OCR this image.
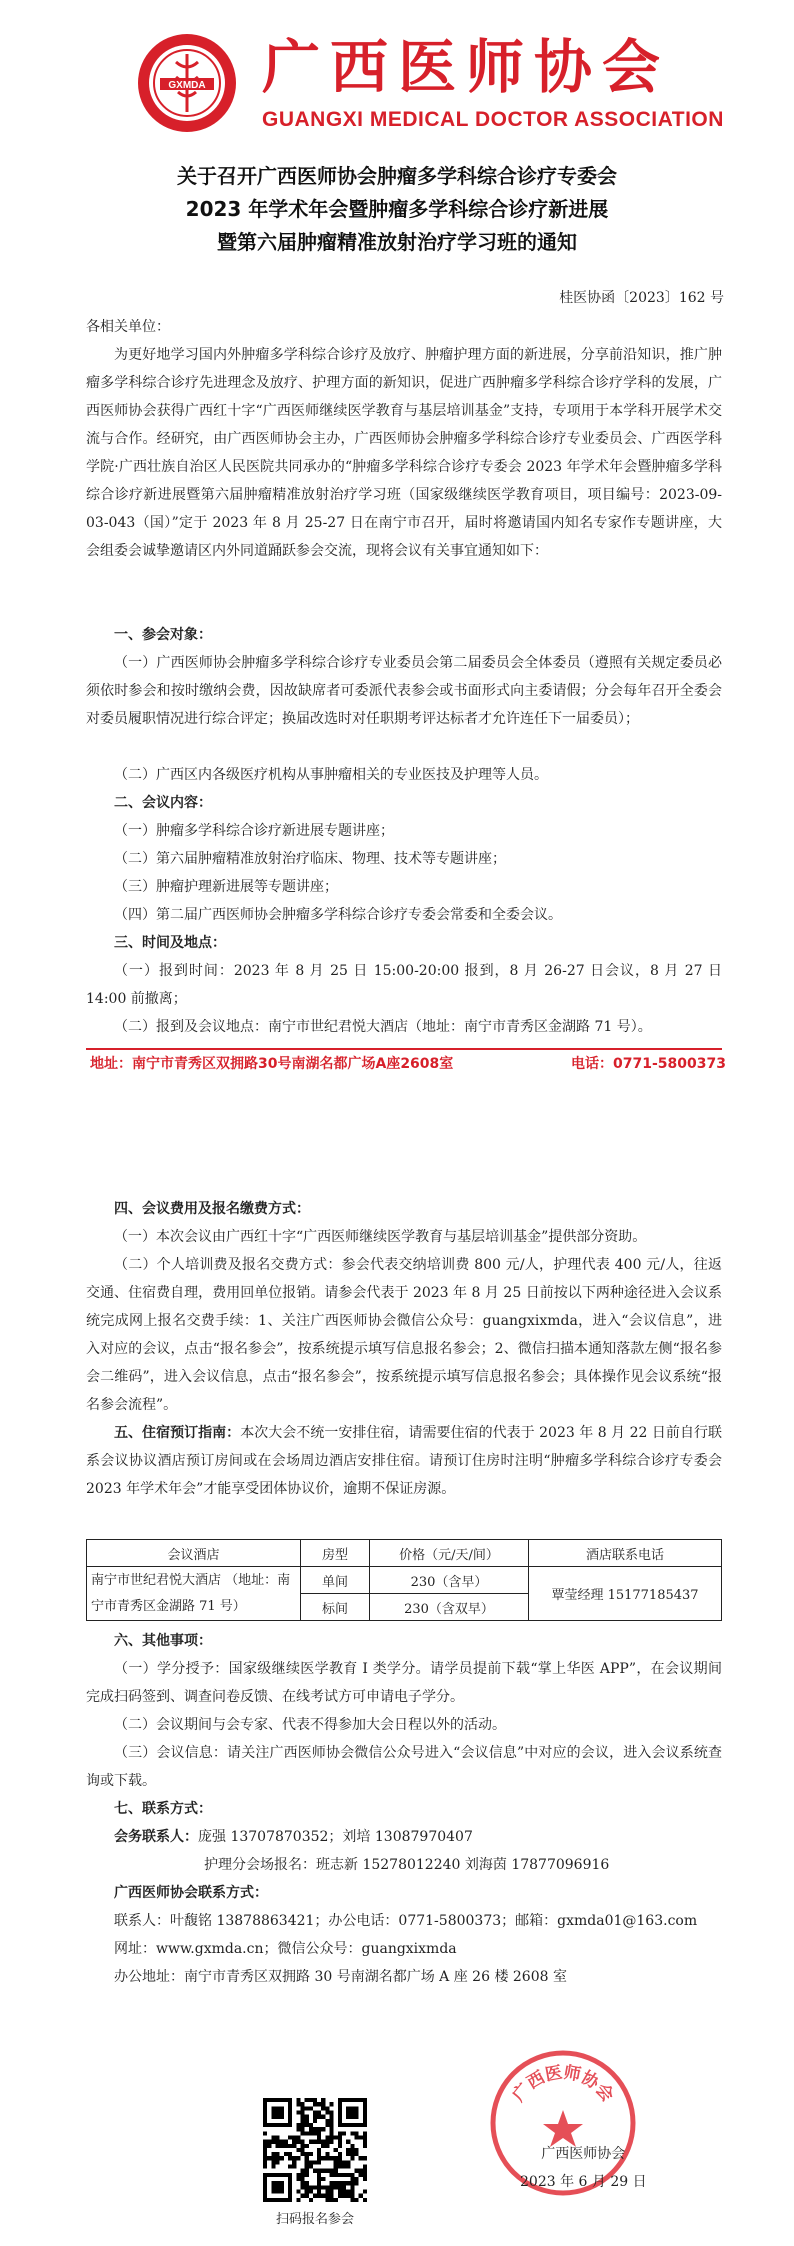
GXMDA 广西医师协会
GUANGXI MEDICAL DOCTOR ASSOCIATION
关于召开广西医师协会肿瘤多学科综合诊疗专委会
2023 年学术年会暨肿瘤多学科综合诊疗新进展
暨第六届肿瘤精准放射治疗学习班的通知
桂医协函〔2023〕162 号
各相关单位：
为更好地学习国内外肿瘤多学科综合诊疗及放疗、肿瘤护理方面的新进展，分享前沿知识，推广肿瘤多学科综合诊疗先进理念及放疗、护理方面的新知识，促进广西肿瘤多学科综合诊疗学科的发展，广西医师协会获得广西红十字“广西医师继续医学教育与基层培训基金”支持，专项用于本学科开展学术交流与合作。经研究，由广西医师协会主办，广西医师协会肿瘤多学科综合诊疗专业委员会、广西医学科学院·广西壮族自治区人民医院共同承办的“肿瘤多学科综合诊疗专委会 2023 年学术年会暨肿瘤多学科综合诊疗新进展暨第六届肿瘤精准放射治疗学习班（国家级继续医学教育项目，项目编号：2023-09-03-043（国）”定于 2023 年 8 月 25-27 日在南宁市召开，届时将邀请国内知名专家作专题讲座，大会组委会诚挚邀请区内外同道踊跃参会交流，现将会议有关事宜通知如下：
一、参会对象：
（一）广西医师协会肿瘤多学科综合诊疗专业委员会第二届委员会全体委员（遵照有关规定委员必须依时参会和按时缴纳会费，因故缺席者可委派代表参会或书面形式向主委请假；分会每年召开全委会对委员履职情况进行综合评定；换届改选时对任职期考评达标者才允许连任下一届委员）；
（二）广西区内各级医疗机构从事肿瘤相关的专业医技及护理等人员。
二、会议内容：
（一）肿瘤多学科综合诊疗新进展专题讲座；
（二）第六届肿瘤精准放射治疗临床、物理、技术等专题讲座；
（三）肿瘤护理新进展等专题讲座；
（四）第二届广西医师协会肿瘤多学科综合诊疗专委会常委和全委会议。
三、时间及地点：
（一）报到时间：2023 年 8 月 25 日 15:00-20:00 报到，8 月 26-27 日会议，8 月 27 日 14:00 前撤离；
（二）报到及会议地点：南宁市世纪君悦大酒店（地址：南宁市青秀区金湖路 71 号）。
地址：南宁市青秀区双拥路30号南湖名都广场A座2608室	电话：0771-5800373
四、会议费用及报名缴费方式：
（一）本次会议由广西红十字“广西医师继续医学教育与基层培训基金”提供部分资助。
（二）个人培训费及报名交费方式：参会代表交纳培训费 800 元/人，护理代表 400 元/人，往返交通、住宿费自理，费用回单位报销。请参会代表于 2023 年 8 月 25 日前按以下两种途径进入会议系统完成网上报名交费手续：1、关注广西医师协会微信公众号：guangxixmda，进入“会议信息”，进入对应的会议，点击“报名参会”，按系统提示填写信息报名参会；2、微信扫描本通知落款左侧“报名参会二维码”，进入会议信息，点击“报名参会”，按系统提示填写信息报名参会；具体操作见会议系统“报名参会流程”。
五、住宿预订指南：本次大会不统一安排住宿，请需要住宿的代表于 2023 年 8 月 22 日前自行联系会议协议酒店预订房间或在会场周边酒店安排住宿。请预订住房时注明“肿瘤多学科综合诊疗专委会 2023 年学术年会”才能享受团体协议价，逾期不保证房源。
会议酒店	房型	价格（元/天/间）	酒店联系电话
南宁市世纪君悦大酒店 （地址：南宁市青秀区金湖路 71 号）	单间	230（含早）	覃莹经理 15177185437
	标间	230（含双早）	
六、其他事项：
（一）学分授予：国家级继续医学教育 I 类学分。请学员提前下载“掌上华医 APP”，在会议期间完成扫码签到、调查问卷反馈、在线考试方可申请电子学分。
（二）会议期间与会专家、代表不得参加大会日程以外的活动。
（三）会议信息：请关注广西医师协会微信公众号进入“会议信息”中对应的会议，进入会议系统查询或下载。
七、联系方式：
会务联系人：庞强 13707870352；刘培 13087970407
护理分会场报名：班志新 15278012240 刘海茵 17877096916
广西医师协会联系方式：
联系人：叶馥铭 13878863421；办公电话：0771-5800373；邮箱：gxmda01@163.com
网址：www.gxmda.cn；微信公众号：guangxixmda
办公地址：南宁市青秀区双拥路 30 号南湖名都广场 A 座 26 楼 2608 室
扫码报名参会
广西医师协会
广西医师协会
2023 年 6 月 29 日
